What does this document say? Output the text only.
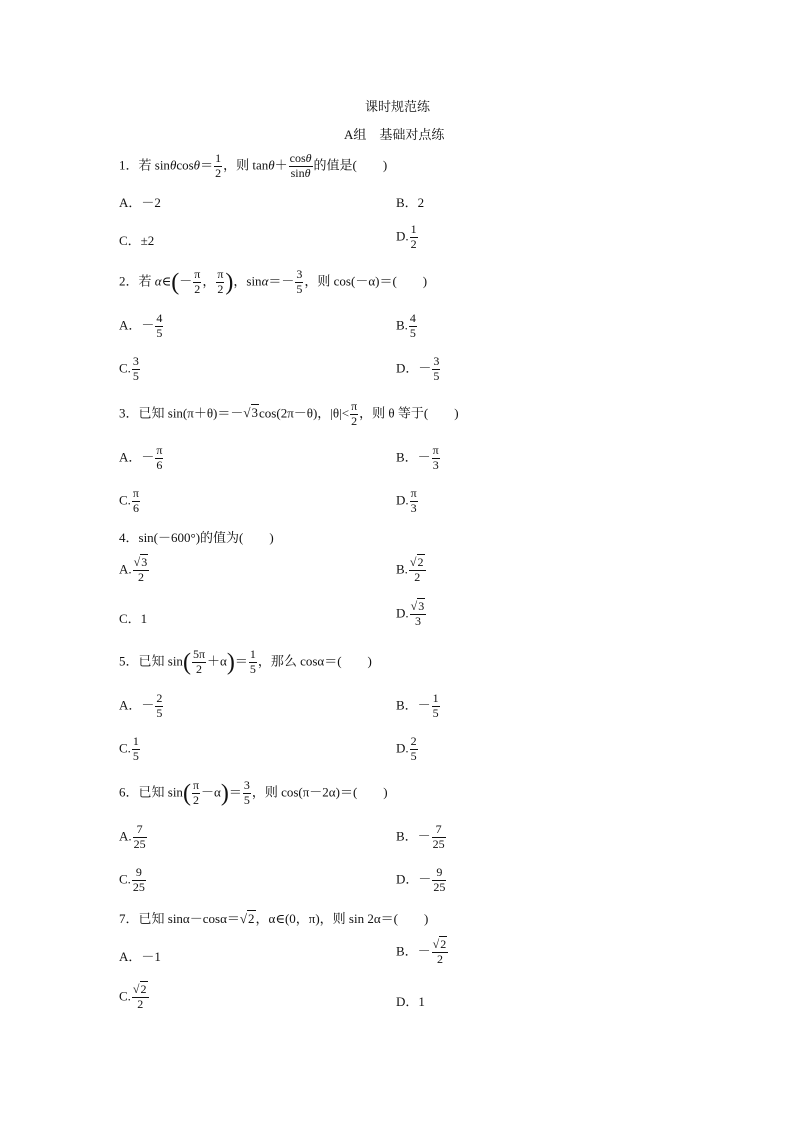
课时规范练
A组　基础对点练
1．若 $\sin\theta\cos\theta= \frac{1}{2}$ ，则 $\tan\theta+ \frac{\cos\theta}{\sin\theta}$ 的值是(　　)
A．－2	B．2
C．±2	D. $\frac{1}{2}$
2．若 α∈(－ $\frac{\pi}{2}$ ， $\frac{\pi}{2}$ )，$\sin\alpha=- \frac{3}{5}$ ，则 cos(－α)＝(　　)
A．－ $\frac{4}{5}$	B. $\frac{4}{5}$
C. $\frac{3}{5}$	D．－ $\frac{3}{5}$
3．已知 sin(π＋θ)＝－√3cos(2π－θ)，$|\theta|< \frac{\pi}{2}$ ，则 θ 等于(　　)
A．－ $\frac{\pi}{6}$	B．－ $\frac{\pi}{3}$
C. $\frac{\pi}{6}$	D. $\frac{\pi}{3}$
4．sin(－600°)的值为(　　)
A. $\frac{√3}{2}$	B. $\frac{√2}{2}$
C．1	D. $\frac{√3}{3}$
5．已知 $\sin( \frac{5\pi}{2} +\alpha)= \frac{1}{5}$ ，那么 cosα＝(　　)
A．－ $\frac{2}{5}$	B．－ $\frac{1}{5}$
C. $\frac{1}{5}$	D. $\frac{2}{5}$
6．已知 $\sin( \frac{\pi}{2} -\alpha)= \frac{3}{5}$ ，则 cos(π－2α)＝(　　)
A. $\frac{7}{25}$	B．－ $\frac{7}{25}$
C. $\frac{9}{25}$	D．－ $\frac{9}{25}$
7．已知 sinα－cosα＝√2，α∈(0，π)，则 sin 2α＝(　　)
A．－1	B．－ $\frac{√2}{2}$
C. $\frac{√2}{2}$	D．1
